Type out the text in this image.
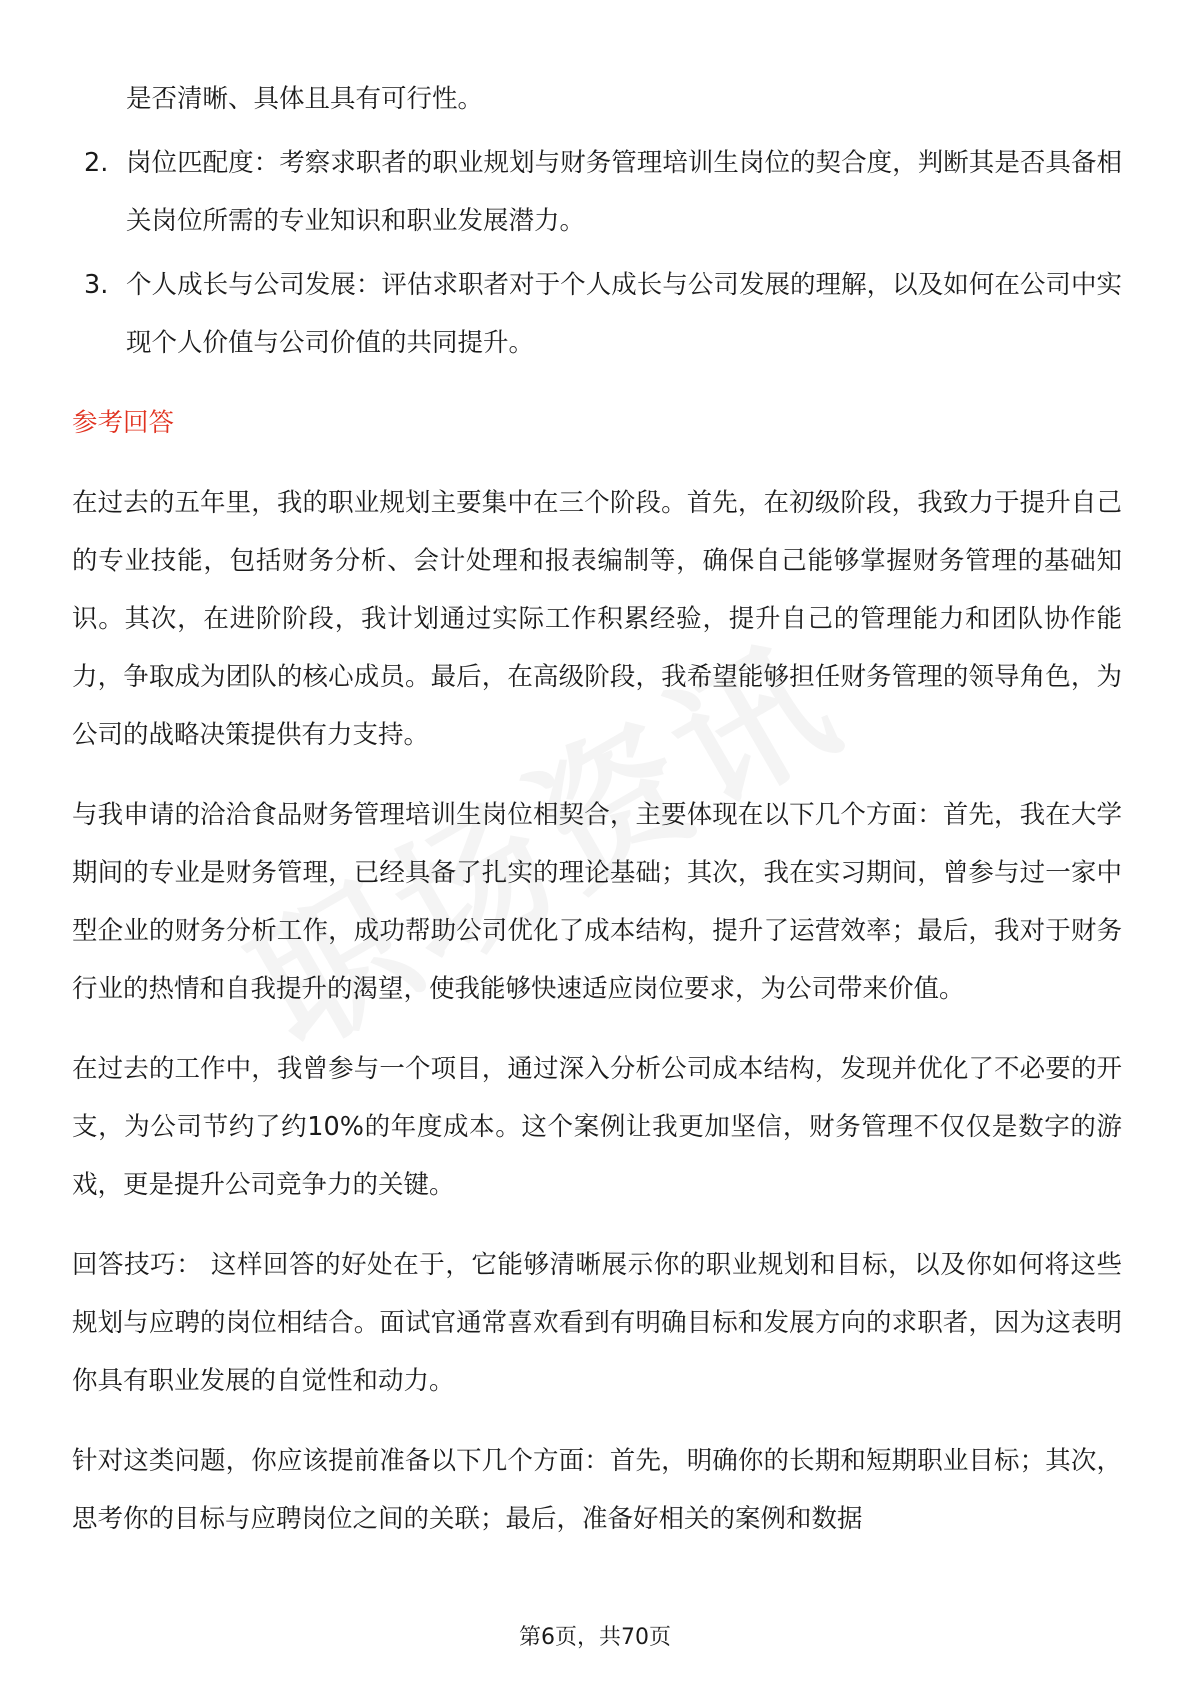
是否清晰、具体且具有可行性。

2. 岗位匹配度：考察求职者的职业规划与财务管理培训生岗位的契合度，判断其是否具备相关岗位所需的专业知识和职业发展潜力。
3. 个人成长与公司发展：评估求职者对于个人成长与公司发展的理解，以及如何在公司中实现个人价值与公司价值的共同提升。

参考回答

在过去的五年里，我的职业规划主要集中在三个阶段。首先，在初级阶段，我致力于提升自己的专业技能，包括财务分析、会计处理和报表编制等，确保自己能够掌握财务管理的基础知识。其次，在进阶阶段，我计划通过实际工作积累经验，提升自己的管理能力和团队协作能力，争取成为团队的核心成员。最后，在高级阶段，我希望能够担任财务管理的领导角色，为公司的战略决策提供有力支持。

与我申请的洽洽食品财务管理培训生岗位相契合，主要体现在以下几个方面：首先，我在大学期间的专业是财务管理，已经具备了扎实的理论基础；其次，我在实习期间，曾参与过一家中型企业的财务分析工作，成功帮助公司优化了成本结构，提升了运营效率；最后，我对于财务行业的热情和自我提升的渴望，使我能够快速适应岗位要求，为公司带来价值。

在过去的工作中，我曾参与一个项目，通过深入分析公司成本结构，发现并优化了不必要的开支，为公司节约了约10%的年度成本。这个案例让我更加坚信，财务管理不仅仅是数字的游戏，更是提升公司竞争力的关键。

回答技巧： 这样回答的好处在于，它能够清晰展示你的职业规划和目标，以及你如何将这些规划与应聘的岗位相结合。面试官通常喜欢看到有明确目标和发展方向的求职者，因为这表明你具有职业发展的自觉性和动力。

针对这类问题，你应该提前准备以下几个方面：首先，明确你的长期和短期职业目标；其次，思考你的目标与应聘岗位之间的关联；最后，准备好相关的案例和数据

第6页，共70页
